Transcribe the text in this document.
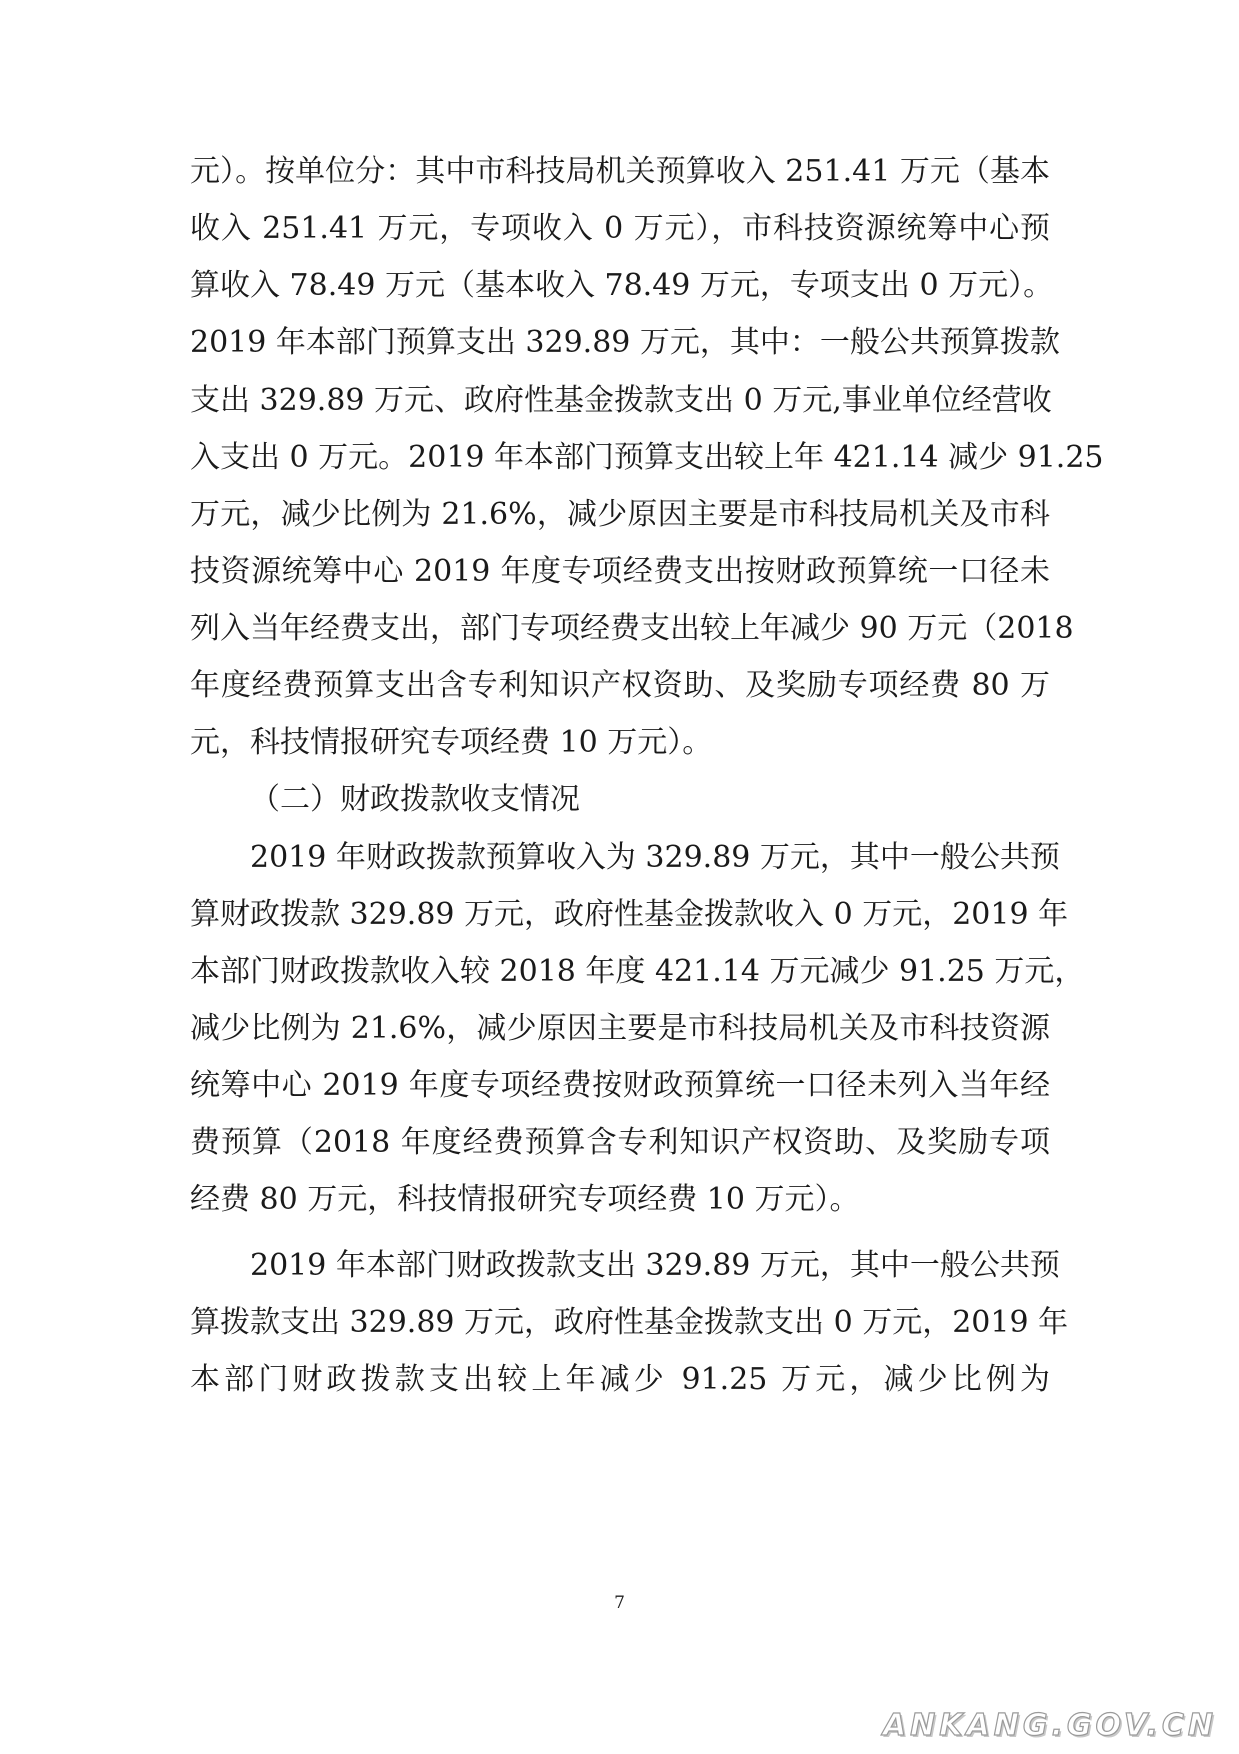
元）。按单位分：其中市科技局机关预算收入 251.41 万元（基本
收入 251.41 万元，专项收入 0 万元），市科技资源统筹中心预
算收入 78.49 万元（基本收入 78.49 万元，专项支出 0 万元）。
2019 年本部门预算支出 329.89 万元，其中：一般公共预算拨款
支出 329.89 万元、政府性基金拨款支出 0 万元,事业单位经营收
入支出 0 万元。2019 年本部门预算支出较上年 421.14 减少 91.25
万元，减少比例为 21.6%，减少原因主要是市科技局机关及市科
技资源统筹中心 2019 年度专项经费支出按财政预算统一口径未
列入当年经费支出，部门专项经费支出较上年减少 90 万元（2018
年度经费预算支出含专利知识产权资助、及奖励专项经费 80 万
元，科技情报研究专项经费 10 万元）。
（二）财政拨款收支情况
2019 年财政拨款预算收入为 329.89 万元，其中一般公共预
算财政拨款 329.89 万元，政府性基金拨款收入 0 万元，2019 年
本部门财政拨款收入较 2018 年度 421.14 万元减少 91.25 万元，
减少比例为 21.6%，减少原因主要是市科技局机关及市科技资源
统筹中心 2019 年度专项经费按财政预算统一口径未列入当年经
费预算（2018 年度经费预算含专利知识产权资助、及奖励专项
经费 80 万元，科技情报研究专项经费 10 万元）。
2019 年本部门财政拨款支出 329.89 万元，其中一般公共预
算拨款支出 329.89 万元，政府性基金拨款支出 0 万元，2019 年
本部门财政拨款支出较上年减少 91.25 万元，减少比例为
7
ANKANG.GOV.CN
